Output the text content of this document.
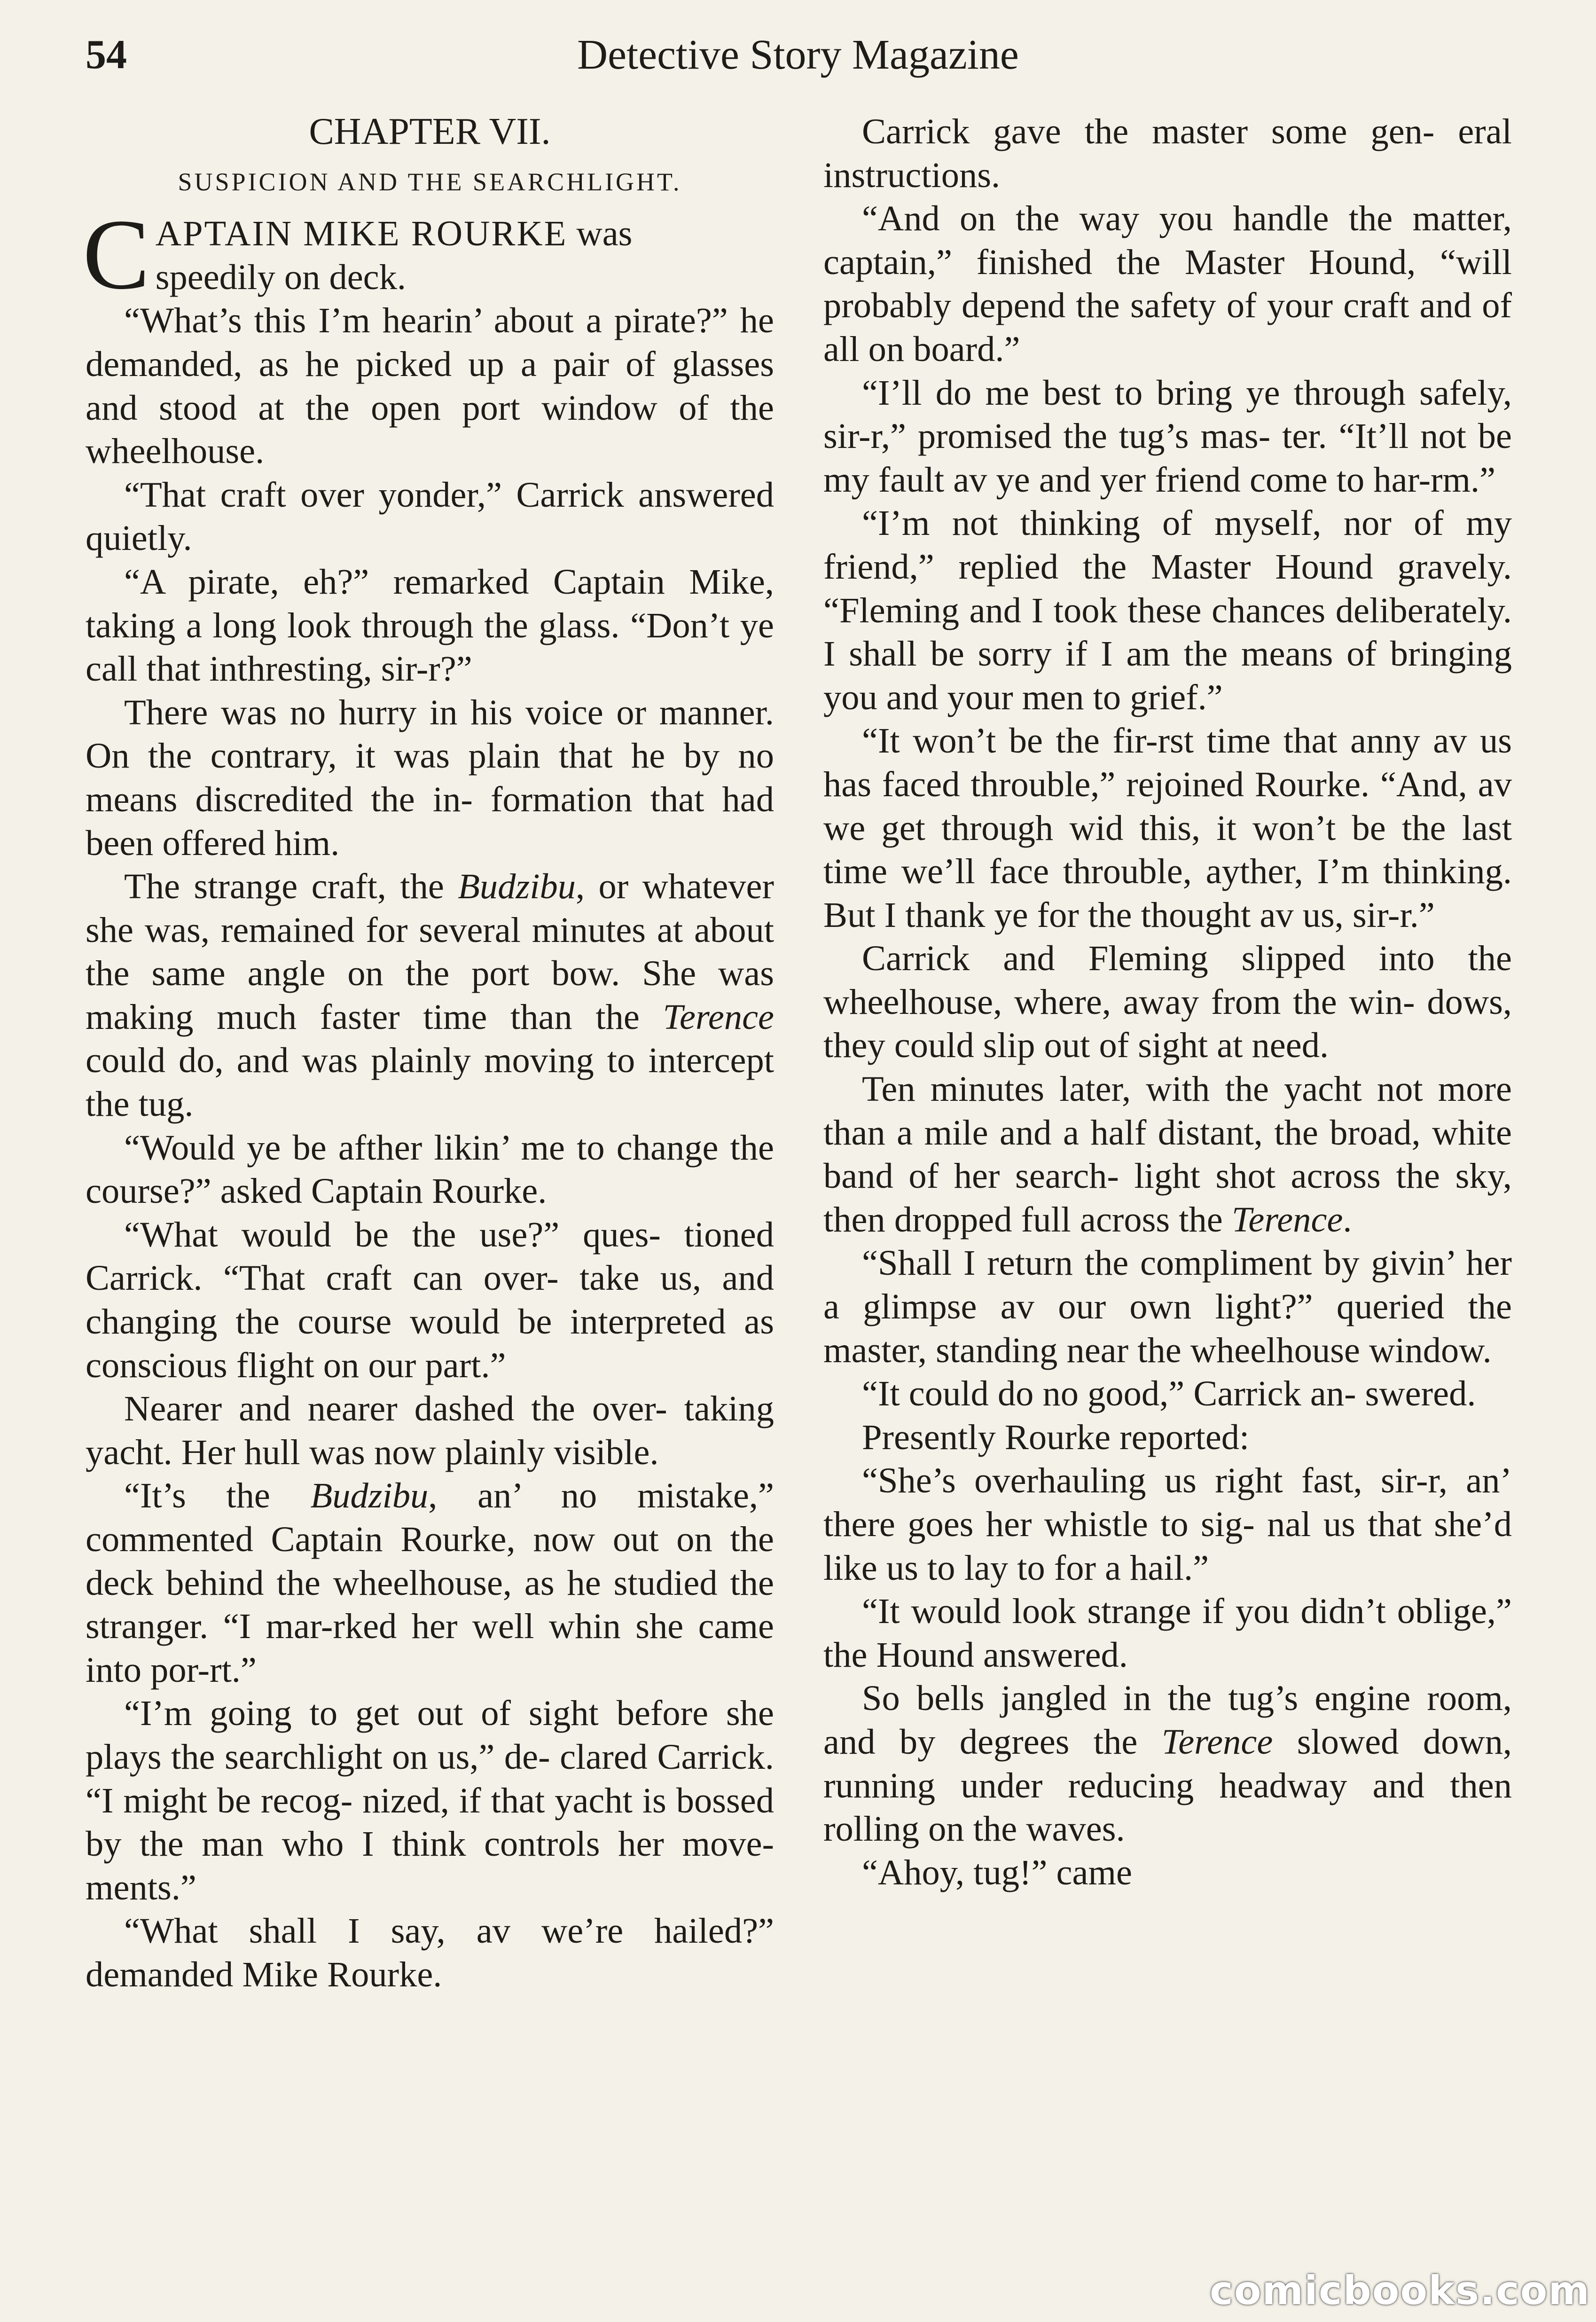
54	Detective Story Magazine

CHAPTER VII.

SUSPICION AND THE SEARCHLIGHT.

CAPTAIN MIKE ROURKE was
speedily on deck.

“What’s this I’m hearin’ about a pirate?” he demanded, as he picked up a pair of glasses and stood at the open port window of the wheelhouse.

“That craft over yonder,” Carrick answered quietly.

“A pirate, eh?” remarked Captain Mike, taking a long look through the glass. “Don’t ye call that inthresting, sir-r?”

There was no hurry in his voice or manner. On the contrary, it was plain that he by no means discredited the in- formation that had been offered him.

The strange craft, the Budzibu, or whatever she was, remained for several minutes at about the same angle on the port bow. She was making much faster time than the Terence could do, and was plainly moving to intercept the tug.

“Would ye be afther likin’ me to change the course?” asked Captain Rourke.

“What would be the use?” ques- tioned Carrick. “That craft can over- take us, and changing the course would be interpreted as conscious flight on our part.”

Nearer and nearer dashed the over- taking yacht. Her hull was now plainly visible.

“It’s the Budzibu, an’ no mistake,” commented Captain Rourke, now out on the deck behind the wheelhouse, as he studied the stranger. “I mar-rked her well whin she came into por-rt.”

“I’m going to get out of sight before she plays the searchlight on us,” de- clared Carrick. “I might be recog- nized, if that yacht is bossed by the man who I think controls her move- ments.”

“What shall I say, av we’re hailed?” demanded Mike Rourke.

Carrick gave the master some gen- eral instructions.

“And on the way you handle the matter, captain,” finished the Master Hound, “will probably depend the safety of your craft and of all on board.”

“I’ll do me best to bring ye through safely, sir-r,” promised the tug’s mas- ter. “It’ll not be my fault av ye and yer friend come to har-rm.”

“I’m not thinking of myself, nor of my friend,” replied the Master Hound gravely. “Fleming and I took these chances deliberately. I shall be sorry if I am the means of bringing you and your men to grief.”

“It won’t be the fir-rst time that anny av us has faced throuble,” rejoined Rourke. “And, av we get through wid this, it won’t be the last time we’ll face throuble, ayther, I’m thinking. But I thank ye for the thought av us, sir-r.”

Carrick and Fleming slipped into the wheelhouse, where, away from the win- dows, they could slip out of sight at need.

Ten minutes later, with the yacht not more than a mile and a half distant, the broad, white band of her search- light shot across the sky, then dropped full across the Terence.

“Shall I return the compliment by givin’ her a glimpse av our own light?” queried the master, standing near the wheelhouse window.

“It could do no good,” Carrick an- swered.

Presently Rourke reported:

“She’s overhauling us right fast, sir-r, an’ there goes her whistle to sig- nal us that she’d like us to lay to for a hail.”

“It would look strange if you didn’t oblige,” the Hound answered.

So bells jangled in the tug’s engine room, and by degrees the Terence slowed down, running under reducing headway and then rolling on the waves.

“Ahoy, tug!” came

comicbooks.com
